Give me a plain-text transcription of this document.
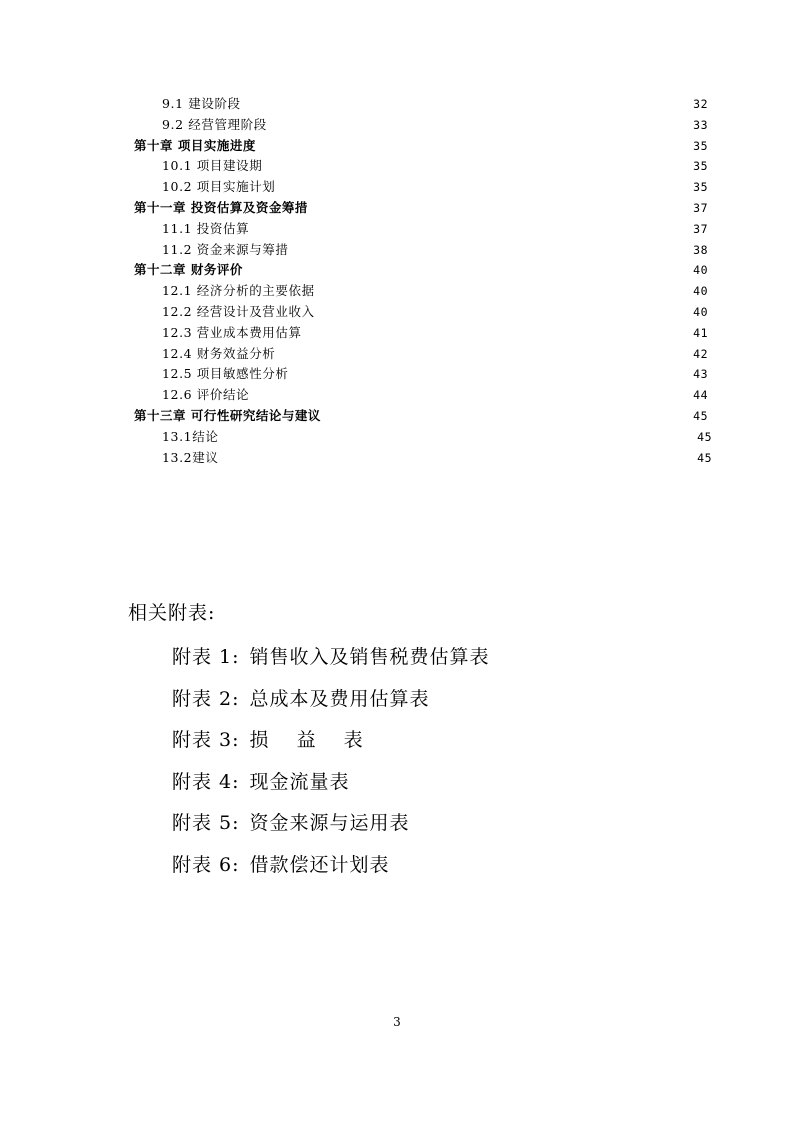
9.1 建设阶段	32
9.2 经营管理阶段	33
第十章 项目实施进度	35
10.1 项目建设期	35
10.2 项目实施计划	35
第十一章 投资估算及资金筹措	37
11.1 投资估算	37
11.2 资金来源与筹措	38
第十二章 财务评价	40
12.1 经济分析的主要依据	40
12.2 经营设计及营业收入	40
12.3 营业成本费用估算	41
12.4 财务效益分析	42
12.5 项目敏感性分析	43
12.6 评价结论	44
第十三章 可行性研究结论与建议	45
13.1结论	45
13.2建议	45
相关附表:
附表 1: 销售收入及销售税费估算表
附表 2: 总成本及费用估算表
附表 3: 损　 益　 表
附表 4: 现金流量表
附表 5: 资金来源与运用表
附表 6: 借款偿还计划表
3
